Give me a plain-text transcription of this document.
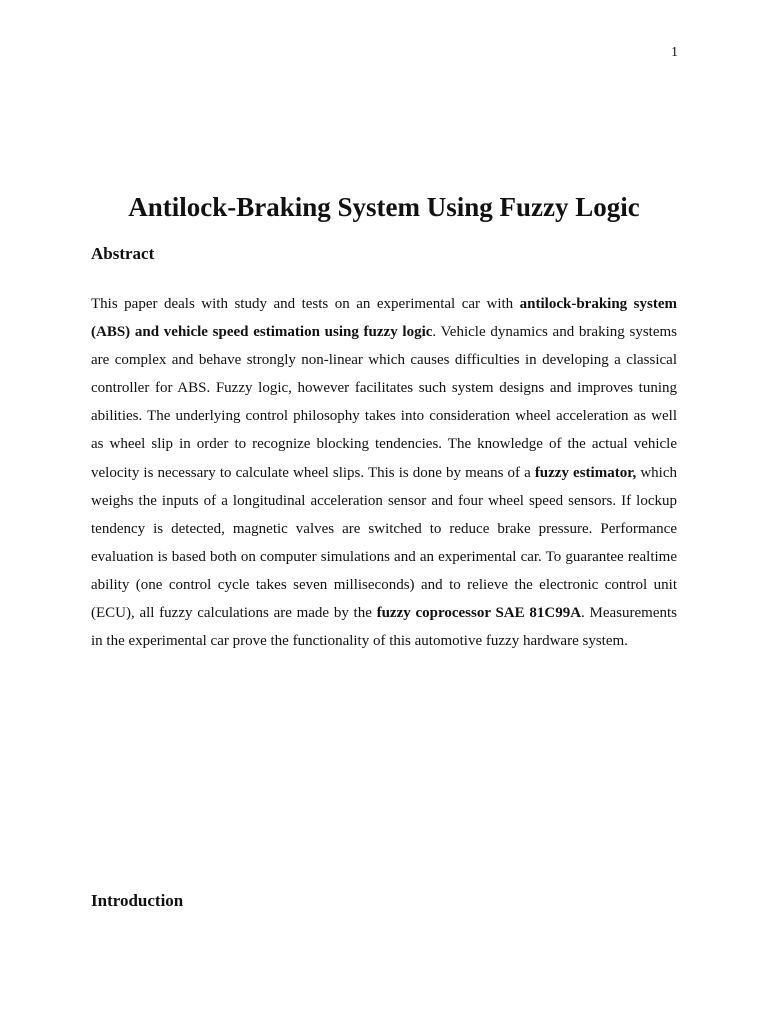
1
Antilock-Braking System Using Fuzzy Logic
Abstract

This paper deals with study and tests on an experimental car with antilock-braking system (ABS) and vehicle speed estimation using fuzzy logic. Vehicle dynamics and braking systems are complex and behave strongly non-linear which causes difficulties in developing a classical controller for ABS. Fuzzy logic, however facilitates such system designs and improves tuning abilities. The underlying control philosophy takes into consideration wheel acceleration as well as wheel slip in order to recognize blocking tendencies. The knowledge of the actual vehicle velocity is necessary to calculate wheel slips. This is done by means of a fuzzy estimator, which weighs the inputs of a longitudinal acceleration sensor and four wheel speed sensors. If lockup tendency is detected, magnetic valves are switched to reduce brake pressure. Performance evaluation is based both on computer simulations and an experimental car. To guarantee realtime ability (one control cycle takes seven milliseconds) and to relieve the electronic control unit (ECU), all fuzzy calculations are made by the fuzzy coprocessor SAE 81C99A. Measurements in the experimental car prove the functionality of this automotive fuzzy hardware system.

Introduction
